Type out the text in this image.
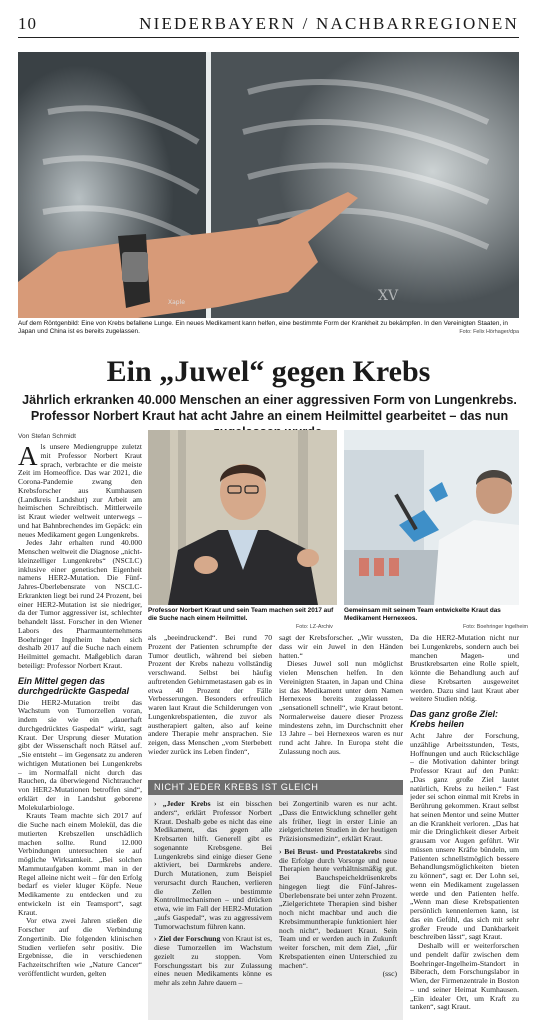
10	NIEDERBAYERN / NACHBARREGIONEN
Xaple	XV
Auf dem Röntgenbild: Eine von Krebs befallene Lunge. Ein neues Medikament kann helfen, eine bestimmte Form der Krankheit zu bekämpfen. In den Vereinigten Staaten, in Japan und China ist es bereits zugelassen.	Foto: Felix Hörhager/dpa
Ein „Juwel“ gegen Krebs
Jährlich erkranken 40.000 Menschen an einer aggressiven Form von Lungenkrebs. Professor Norbert Kraut hat acht Jahre an einem Heilmittel gearbeitet – das nun
Von Stefan Schmidt

Als unsere Mediengruppe zuletzt mit Professor Norbert Kraut sprach, verbrachte er die meiste Zeit im Homeoffice. Das war 2021, die Corona-Pandemie zwang den Krebsforscher aus Kumhausen (Landkreis Landshut) zur Arbeit am heimischen Schreibtisch. Mittlerweile ist Kraut wieder weltweit unterwegs – und hat Bahnbrechendes im Gepäck: ein neues Medikament gegen Lungenkrebs.

Jedes Jahr erhalten rund 40.000 Menschen weltweit die Diagnose „nicht-kleinzelliger Lungenkrebs“ (NSCLC) inklusive einer genetischen Eigenheit namens HER2-Mutation. Die Fünf-Jahres-Überlebensrate von NSCLC-Erkrankten liegt bei rund 24 Prozent, bei einer HER2-Mutation ist sie niedriger, da der Tumor aggressiver ist, schlechter behandelt lässt. Forscher in den Wiener Labors des Pharmaunternehmens Boehringer Ingelheim haben sich deshalb 2017 auf die Suche nach einem Heilmittel gemacht. Maßgeblich daran beteiligt: Professor Norbert Kraut.

Ein Mittel gegen das durchgedrückte Gaspedal

Die HER2-Mutation treibt das Wachstum von Tumorzellen voran, indem sie wie ein „dauerhaft durchgedrücktes Gaspedal“ wirkt, sagt Kraut. Der Ursprung dieser Mutation gibt der Wissenschaft noch Rätsel auf. „Sie entsteht – im Gegensatz zu anderen wichtigen Mutationen bei Lungenkrebs – im Normalfall nicht durch das Rauchen, da überwiegend Nichtraucher von HER2-Mutationen betroffen sind“, erklärt der in Landshut geborene Molekularbiologe.

Krauts Team machte sich 2017 auf die Suche nach einem Molekül, das die mutierten Krebszellen unschädlich machen sollte. Rund 12.000 Verbindungen untersuchten sie auf mögliche Wirksamkeit. „Bei solchen Mammutaufgaben kommt man in der Regel alleine nicht weit – für den Erfolg bedarf es vieler kluger Köpfe. Neue Medikamente zu entdecken und zu entwickeln ist ein Teamsport“, sagt Kraut.

Vor etwa zwei Jahren stießen die Forscher auf die Verbindung Zongertinib. Die folgenden klinischen Studien verliefen sehr positiv. Die Ergebnisse, die in verschiedenen Fachzeitschriften wie „Nature Cancer“ veröffentlicht wurden, gelten

Professor Norbert Kraut und sein Team machen seit 2017 auf die Suche nach einem Heilmittel.
Foto: LZ-Archiv
Gemeinsam mit seinem Team entwickelte Kraut das Medikament Hernexeos.
Foto: Boehringer Ingelheim

als „beeindruckend“. Bei rund 70 Prozent der Patienten schrumpfte der Tumor deutlich, während bei sieben Prozent der Krebs nahezu vollständig verschwand. Selbst bei häufig auftretenden Gehirnmetastasen gab es in etwa 40 Prozent der Fälle Verbesserungen. Besonders erfreulich waren laut Kraut die Schilderungen von Lungenkrebspatienten, die zuvor als austherapiert galten, also auf keine andere Therapie mehr ansprachen. Sie zeigen, dass Menschen „vom Sterbebett wieder zurück ins Leben finden“,

sagt der Krebsforscher. „Wir wussten, dass wir ein Juwel in den Händen hatten.“

Dieses Juwel soll nun möglichst vielen Menschen helfen. In den Vereinigten Staaten, in Japan und China ist das Medikament unter dem Namen Hernexeos bereits zugelassen – „sensationell schnell“, wie Kraut betont. Normalerweise dauere dieser Prozess mindestens zehn, im Durchschnitt eher 13 Jahre – bei Hernexeos waren es nur rund acht Jahre. In Europa steht die Zulassung noch aus.

Da die HER2-Mutation nicht nur bei Lungenkrebs, sondern auch bei manchen Magen- und Brustkrebsarten eine Rolle spielt, könnte die Behandlung auch auf diese Krebsarten ausgeweitet werden. Dazu sind laut Kraut aber weitere Studien nötig.

Das ganz große Ziel: Krebs heilen

Acht Jahre der Forschung, unzählige Arbeitsstunden, Tests, Hoffnungen und auch Rückschläge – die Motivation dahinter bringt Professor Kraut auf den Punkt: „Das ganz große Ziel lautet natürlich, Krebs zu heilen.“ Fast jeder sei schon einmal mit Krebs in Berührung gekommen. Kraut selbst hat seinen Mentor und seine Mutter an die Krankheit verloren. „Das hat mir die Dringlichkeit dieser Arbeit grausam vor Augen geführt. Wir müssen unsere Kräfte bündeln, um Patienten schnellstmöglich bessere Behandlungsmöglichkeiten bieten zu können“, sagt er. Der Lohn sei, wenn ein Medikament zugelassen werde und den Patienten helfe. „Wenn man diese Krebspatienten persönlich kennenlernen kann, ist das ein Gefühl, das sich mit sehr großer Freude und Dankbarkeit beschreiben lässt“, sagt Kraut.

Deshalb will er weiterforschen und pendelt dafür zwischen dem Boehringer-Ingelheim-Standort in Biberach, dem Forschungslabor in Wien, der Firmenzentrale in Boston – und seiner Heimat Kumhausen. „Ein idealer Ort, um Kraft zu tanken“, sagt Kraut.

NICHT JEDER KREBS IST GLEICH

› „Jeder Krebs ist ein bisschen anders“, erklärt Professor Norbert Kraut. Deshalb gebe es nicht das eine Medikament, das gegen alle Krebsarten hilft. Generell gibt es sogenannte Krebsgene. Bei Lungenkrebs sind einige dieser Gene aktiviert, bei Darmkrebs andere. Durch Mutationen, zum Beispiel verursacht durch Rauchen, verlieren die Zellen bestimmte Kontrollmechanismen – und drücken etwa, wie im Fall der HER2-Mutation „aufs Gaspedal“, was zu aggressivem Tumorwachstum führen kann.

› Ziel der Forschung von Kraut ist es, diese Tumorzellen im Wachstum gezielt zu stoppen. Vom Forschungsstart bis zur Zulassung eines neuen Medikaments könne es mehr als zehn Jahre dauern –

bei Zongertinib waren es nur acht. „Dass die Entwicklung schneller geht als früher, liegt in erster Linie an zielgerichteten Studien in der heutigen Präzisionsmedizin“, erklärt Kraut.

› Bei Brust- und Prostatakrebs sind die Erfolge durch Vorsorge und neue Therapien heute verhältnismäßig gut. Bei Bauchspeicheldrüsenkrebs hingegen liegt die Fünf-Jahres-Überlebensrate bei unter zehn Prozent. „Zielgerichtete Therapien sind bisher noch nicht machbar und auch die Krebsimmuntherapie funktioniert hier noch nicht“, bedauert Kraut. Sein Team und er werden auch in Zukunft weiter forschen, mit dem Ziel, „für Krebspatienten einen Unterschied zu machen“.

(ssc)
